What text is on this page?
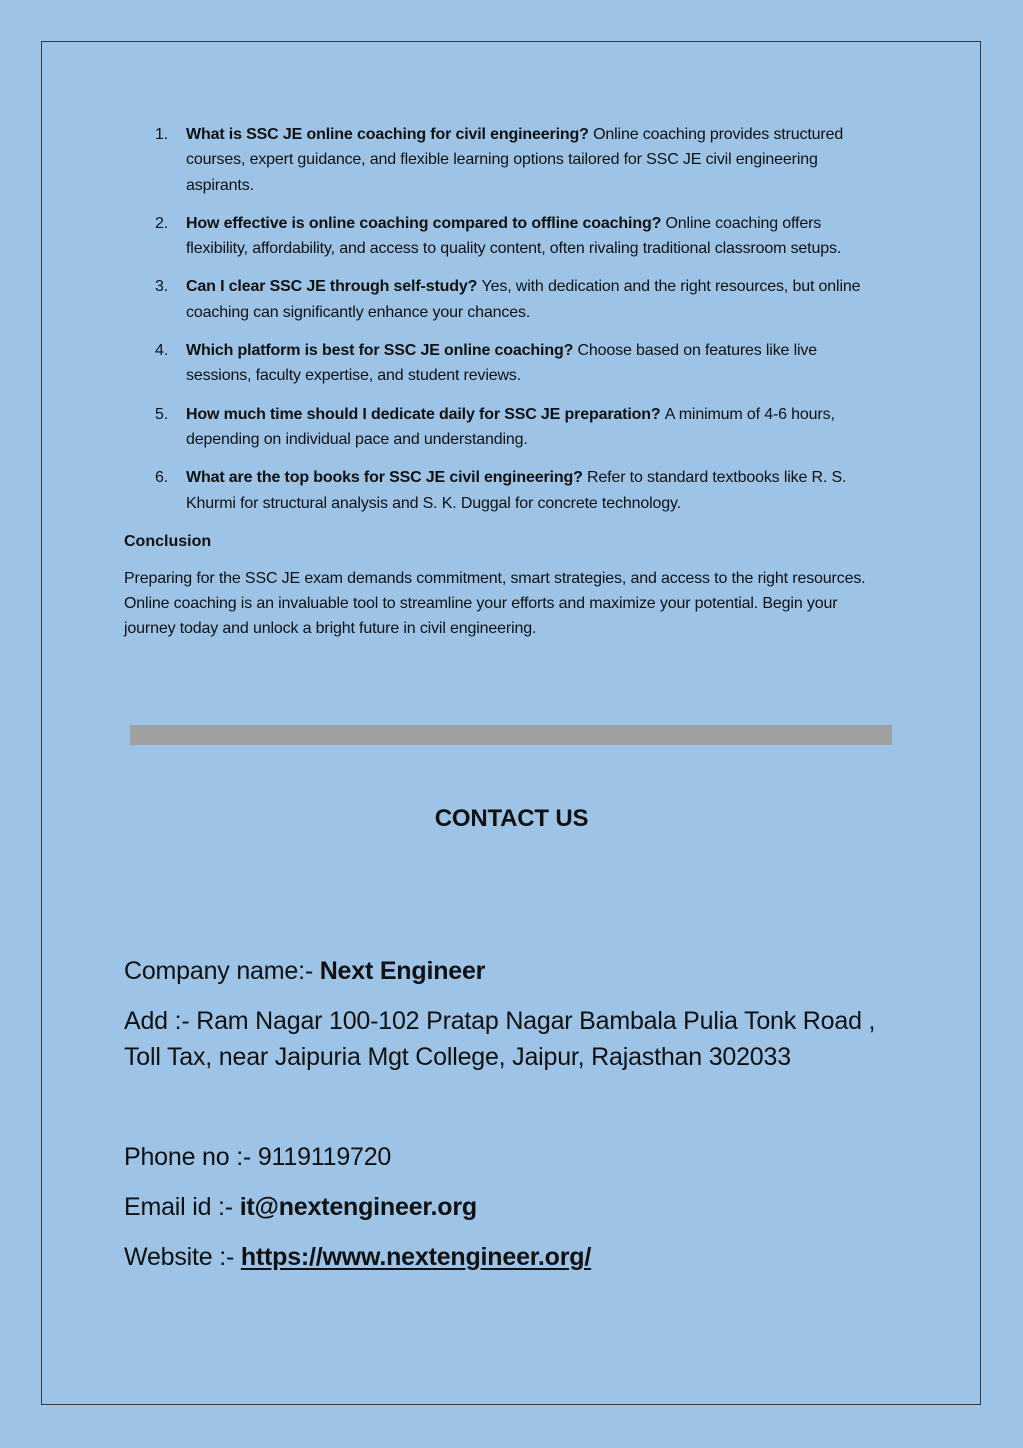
1. What is SSC JE online coaching for civil engineering? Online coaching provides structured courses, expert guidance, and flexible learning options tailored for SSC JE civil engineering aspirants.
2. How effective is online coaching compared to offline coaching? Online coaching offers flexibility, affordability, and access to quality content, often rivaling traditional classroom setups.
3. Can I clear SSC JE through self-study? Yes, with dedication and the right resources, but online coaching can significantly enhance your chances.
4. Which platform is best for SSC JE online coaching? Choose based on features like live sessions, faculty expertise, and student reviews.
5. How much time should I dedicate daily for SSC JE preparation? A minimum of 4-6 hours, depending on individual pace and understanding.
6. What are the top books for SSC JE civil engineering? Refer to standard textbooks like R. S. Khurmi for structural analysis and S. K. Duggal for concrete technology.
Conclusion

Preparing for the SSC JE exam demands commitment, smart strategies, and access to the right resources. Online coaching is an invaluable tool to streamline your efforts and maximize your potential. Begin your journey today and unlock a bright future in civil engineering.

CONTACT US
Company name:- Next Engineer
Add :- Ram Nagar 100-102 Pratap Nagar Bambala Pulia Tonk Road , Toll Tax, near Jaipuria Mgt College, Jaipur, Rajasthan 302033
Phone no :- 9119119720
Email id :- it@nextengineer.org
Website :- https://www.nextengineer.org/
